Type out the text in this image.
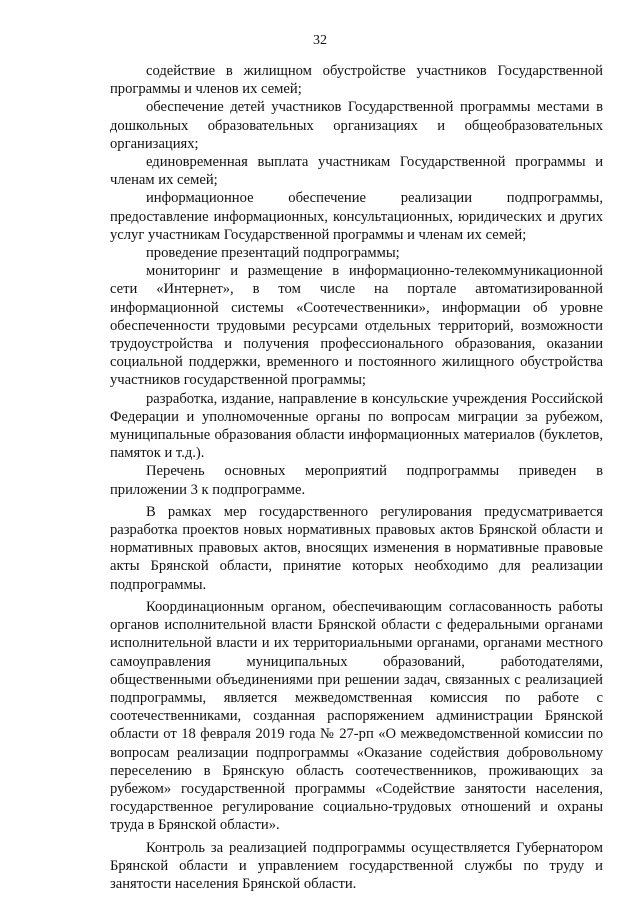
32

содействие в жилищном обустройстве участников Государственной программы и членов их семей;

обеспечение детей участников Государственной программы местами в дошкольных образовательных организациях и общеобразовательных организациях;

единовременная выплата участникам Государственной программы и членам их семей;

информационное обеспечение реализации подпрограммы, предоставление информационных, консультационных, юридических и других услуг участникам Государственной программы и членам их семей;

проведение презентаций подпрограммы;

мониторинг и размещение в информационно-телекоммуникационной сети «Интернет», в том числе на портале автоматизированной информационной системы «Соотечественники», информации об уровне обеспеченности трудовыми ресурсами отдельных территорий, возможности трудоустройства и получения профессионального образования, оказании социальной поддержки, временного и постоянного жилищного обустройства участников государственной программы;

разработка, издание, направление в консульские учреждения Российской Федерации и уполномоченные органы по вопросам миграции за рубежом, муниципальные образования области информационных материалов (буклетов, памяток и т.д.).

Перечень основных мероприятий подпрограммы приведен в приложении 3 к подпрограмме.

В рамках мер государственного регулирования предусматривается разработка проектов новых нормативных правовых актов Брянской области и нормативных правовых актов, вносящих изменения в нормативные правовые акты Брянской области, принятие которых необходимо для реализации подпрограммы.

Координационным органом, обеспечивающим согласованность работы органов исполнительной власти Брянской области с федеральными органами исполнительной власти и их территориальными органами, органами местного самоуправления муниципальных образований, работодателями, общественными объединениями при решении задач, связанных с реализацией подпрограммы, является межведомственная комиссия по работе с соотечественниками, созданная распоряжением администрации Брянской области от 18 февраля 2019 года № 27-рп «О межведомственной комиссии по вопросам реализации подпрограммы «Оказание содействия добровольному переселению в Брянскую область соотечественников, проживающих за рубежом» государственной программы «Содействие занятости населения, государственное регулирование социально-трудовых отношений и охраны труда в Брянской области».

Контроль за реализацией подпрограммы осуществляется Губернатором Брянской области и управлением государственной службы по труду и занятости населения Брянской области.
